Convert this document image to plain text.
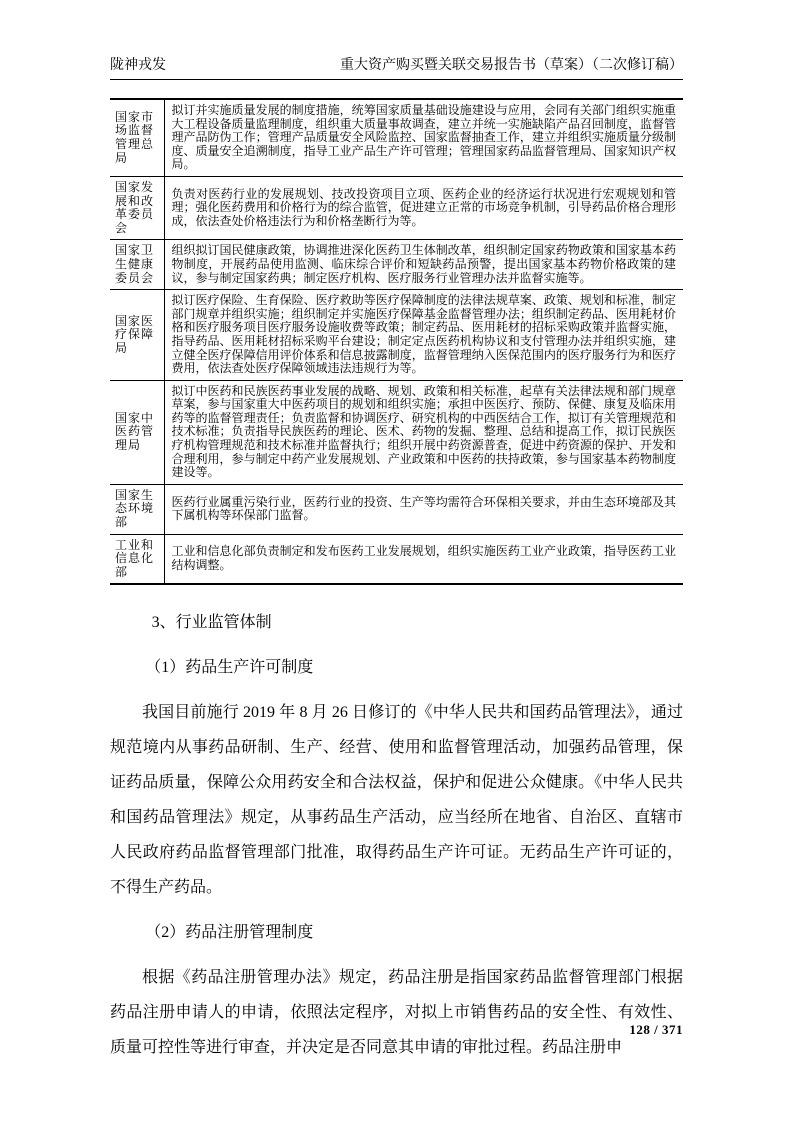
陇神戎发	重大资产购买暨关联交易报告书（草案）（二次修订稿）
国家市场监督管理总局	拟订并实施质量发展的制度措施，统筹国家质量基础设施建设与应用，会同有关部门组织实施重大工程设备质量监理制度，组织重大质量事故调查，建立并统一实施缺陷产品召回制度，监督管理产品防伪工作；管理产品质量安全风险监控、国家监督抽查工作，建立并组织实施质量分级制度、质量安全追溯制度，指导工业产品生产许可管理；管理国家药品监督管理局、国家知识产权局。
国家发展和改革委员会	负责对医药行业的发展规划、技改投资项目立项、医药企业的经济运行状况进行宏观规划和管理；强化医药费用和价格行为的综合监管，促进建立正常的市场竞争机制，引导药品价格合理形成，依法查处价格违法行为和价格垄断行为等。
国家卫生健康委员会	组织拟订国民健康政策，协调推进深化医药卫生体制改革，组织制定国家药物政策和国家基本药物制度，开展药品使用监测、临床综合评价和短缺药品预警，提出国家基本药物价格政策的建议，参与制定国家药典；制定医疗机构、医疗服务行业管理办法并监督实施等。
国家医疗保障局	拟订医疗保险、生育保险、医疗救助等医疗保障制度的法律法规草案、政策、规划和标准，制定部门规章并组织实施；组织制定并实施医疗保障基金监督管理办法；组织制定药品、医用耗材价格和医疗服务项目医疗服务设施收费等政策；制定药品、医用耗材的招标采购政策并监督实施，指导药品、医用耗材招标采购平台建设；制定定点医药机构协议和支付管理办法并组织实施，建立健全医疗保障信用评价体系和信息披露制度，监督管理纳入医保范围内的医疗服务行为和医疗费用，依法查处医疗保障领域违法违规行为等。
国家中医药管理局	拟订中医药和民族医药事业发展的战略、规划、政策和相关标准，起草有关法律法规和部门规章草案，参与国家重大中医药项目的规划和组织实施；承担中医医疗、预防、保健、康复及临床用药等的监督管理责任；负责监督和协调医疗、研究机构的中西医结合工作，拟订有关管理规范和技术标准；负责指导民族医药的理论、医术、药物的发掘、整理、总结和提高工作，拟订民族医疗机构管理规范和技术标准并监督执行；组织开展中药资源普查，促进中药资源的保护、开发和合理利用，参与制定中药产业发展规划、产业政策和中医药的扶持政策，参与国家基本药物制度建设等。
国家生态环境部	医药行业属重污染行业，医药行业的投资、生产等均需符合环保相关要求，并由生态环境部及其下属机构等环保部门监督。
工业和信息化部	工业和信息化部负责制定和发布医药工业发展规划，组织实施医药工业产业政策，指导医药工业结构调整。
3、行业监管体制
（1）药品生产许可制度
我国目前施行 2019 年 8 月 26 日修订的《中华人民共和国药品管理法》，通过规范境内从事药品研制、生产、经营、使用和监督管理活动，加强药品管理，保证药品质量，保障公众用药安全和合法权益，保护和促进公众健康。《中华人民共和国药品管理法》规定，从事药品生产活动，应当经所在地省、自治区、直辖市人民政府药品监督管理部门批准，取得药品生产许可证。无药品生产许可证的，不得生产药品。
（2）药品注册管理制度
根据《药品注册管理办法》规定，药品注册是指国家药品监督管理部门根据药品注册申请人的申请，依照法定程序，对拟上市销售药品的安全性、有效性、质量可控性等进行审查，并决定是否同意其申请的审批过程。药品注册申
128 / 371
